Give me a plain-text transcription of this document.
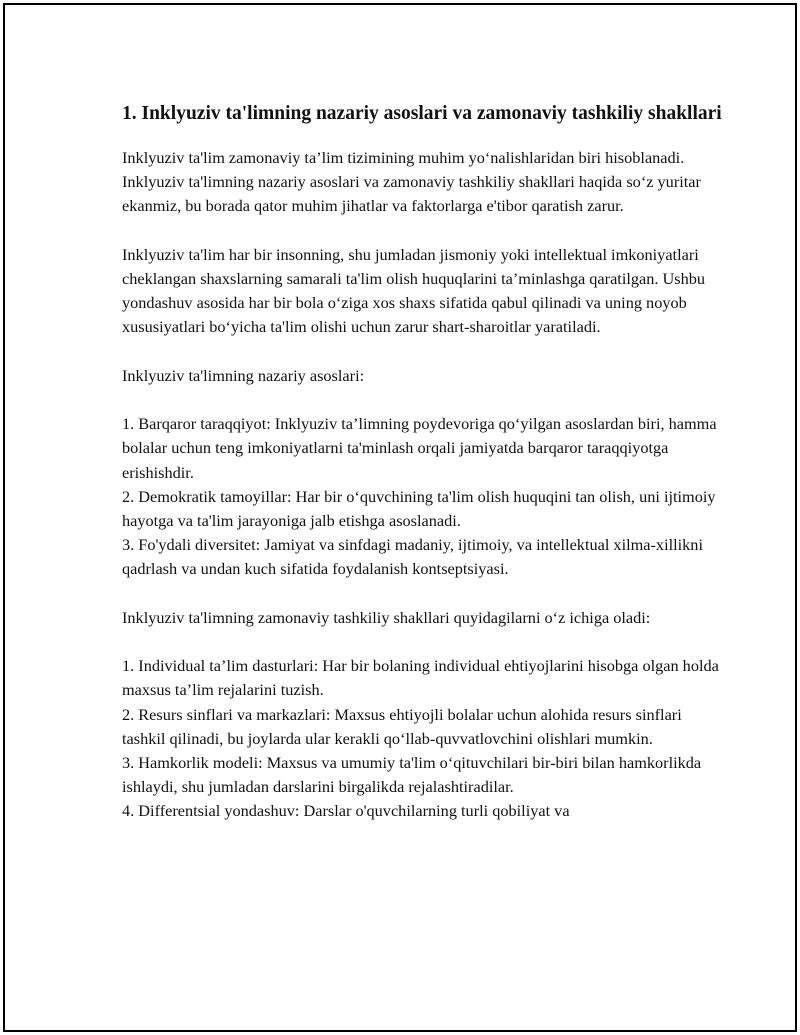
1. Inklyuziv ta'limning nazariy asoslari va zamonaviy tashkiliy shakllari

Inklyuziv ta'lim zamonaviy ta’lim tizimining muhim yo‘nalishlaridan biri hisoblanadi. Inklyuziv ta'limning nazariy asoslari va zamonaviy tashkiliy shakllari haqida so‘z yuritar ekanmiz, bu borada qator muhim jihatlar va faktorlarga e'tibor qaratish zarur.

Inklyuziv ta'lim har bir insonning, shu jumladan jismoniy yoki intellektual imkoniyatlari cheklangan shaxslarning samarali ta'lim olish huquqlarini ta’minlashga qaratilgan. Ushbu yondashuv asosida har bir bola o‘ziga xos shaxs sifatida qabul qilinadi va uning noyob xususiyatlari bo‘yicha ta'lim olishi uchun zarur shart-sharoitlar yaratiladi.

Inklyuziv ta'limning nazariy asoslari:

1. Barqaror taraqqiyot: Inklyuziv ta’limning poydevoriga qo‘yilgan asoslardan biri, hamma bolalar uchun teng imkoniyatlarni ta'minlash orqali jamiyatda barqaror taraqqiyotga erishishdir.
2. Demokratik tamoyillar: Har bir o‘quvchining ta'lim olish huquqini tan olish, uni ijtimoiy hayotga va ta'lim jarayoniga jalb etishga asoslanadi.
3. Fo'ydali diversitet: Jamiyat va sinfdagi madaniy, ijtimoiy, va intellektual xilma-xillikni qadrlash va undan kuch sifatida foydalanish kontseptsiyasi.

Inklyuziv ta'limning zamonaviy tashkiliy shakllari quyidagilarni o‘z ichiga oladi:

1. Individual ta’lim dasturlari: Har bir bolaning individual ehtiyojlarini hisobga olgan holda maxsus ta’lim rejalarini tuzish.
2. Resurs sinflari va markazlari: Maxsus ehtiyojli bolalar uchun alohida resurs sinflari tashkil qilinadi, bu joylarda ular kerakli qo‘llab-quvvatlovchini olishlari mumkin.
3. Hamkorlik modeli: Maxsus va umumiy ta'lim o‘qituvchilari bir-biri bilan hamkorlikda ishlaydi, shu jumladan darslarini birgalikda rejalashtiradilar.
4. Differentsial yondashuv: Darslar o'quvchilarning turli qobiliyat va
